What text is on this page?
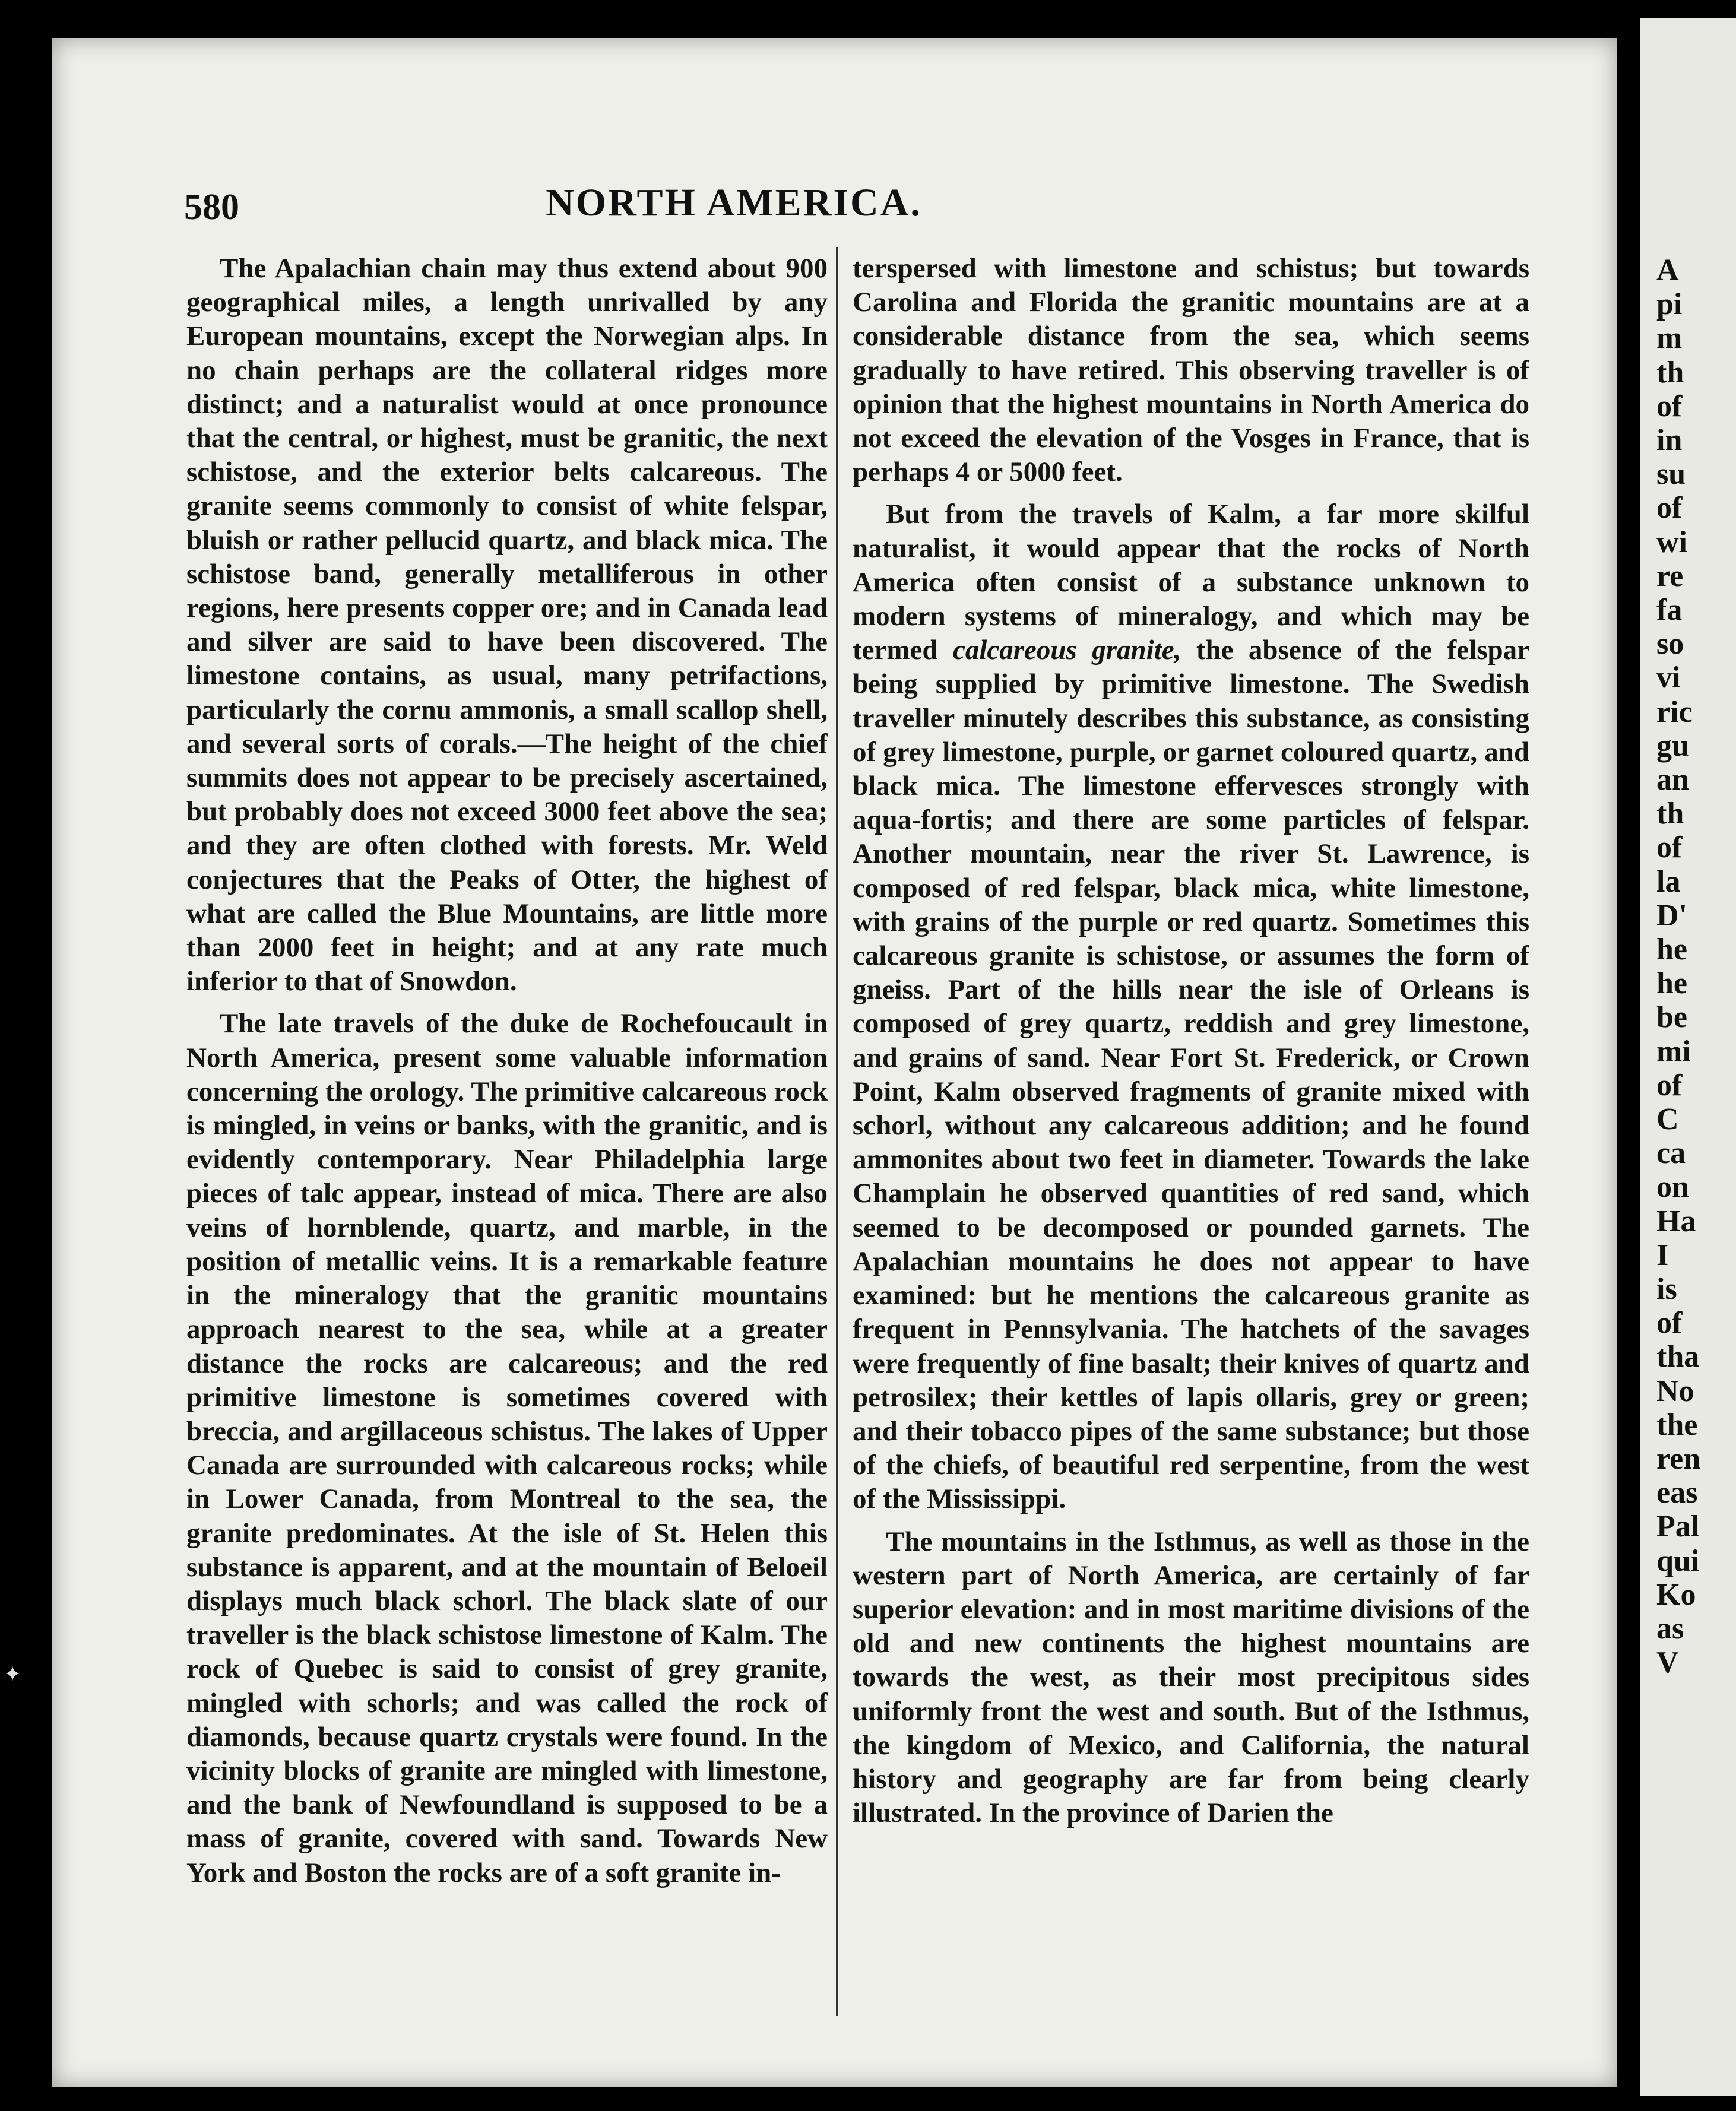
580	NORTH AMERICA.

The Apalachian chain may thus extend about 900 geographical miles, a length unrivalled by any European mountains, except the Norwegian alps. In no chain perhaps are the collateral ridges more distinct; and a naturalist would at once pronounce that the central, or highest, must be granitic, the next schistose, and the exterior belts calcareous. The granite seems commonly to consist of white felspar, bluish or rather pellucid quartz, and black mica. The schistose band, generally metalliferous in other regions, here presents copper ore; and in Canada lead and silver are said to have been discovered. The limestone contains, as usual, many petrifactions, particularly the cornu ammonis, a small scallop shell, and several sorts of corals.—The height of the chief summits does not appear to be precisely ascertained, but probably does not exceed 3000 feet above the sea; and they are often clothed with forests. Mr. Weld conjectures that the Peaks of Otter, the highest of what are called the Blue Mountains, are little more than 2000 feet in height; and at any rate much inferior to that of Snowdon.

The late travels of the duke de Rochefoucault in North America, present some valuable information concerning the orology. The primitive calcareous rock is mingled, in veins or banks, with the granitic, and is evidently contemporary. Near Philadelphia large pieces of talc appear, instead of mica. There are also veins of hornblende, quartz, and marble, in the position of metallic veins. It is a remarkable feature in the mineralogy that the granitic mountains approach nearest to the sea, while at a greater distance the rocks are calcareous; and the red primitive limestone is sometimes covered with breccia, and argillaceous schistus. The lakes of Upper Canada are surrounded with calcareous rocks; while in Lower Canada, from Montreal to the sea, the granite predominates. At the isle of St. Helen this substance is apparent, and at the mountain of Beloeil displays much black schorl. The black slate of our traveller is the black schistose limestone of Kalm. The rock of Quebec is said to consist of grey granite, mingled with schorls; and was called the rock of diamonds, because quartz crystals were found. In the vicinity blocks of granite are mingled with limestone, and the bank of Newfoundland is supposed to be a mass of granite, covered with sand. Towards New York and Boston the rocks are of a soft granite in-

terspersed with limestone and schistus; but towards Carolina and Florida the granitic mountains are at a considerable distance from the sea, which seems gradually to have retired. This observing traveller is of opinion that the highest mountains in North America do not exceed the elevation of the Vosges in France, that is perhaps 4 or 5000 feet.

But from the travels of Kalm, a far more skilful naturalist, it would appear that the rocks of North America often consist of a substance unknown to modern systems of mineralogy, and which may be termed calcareous granite, the absence of the felspar being supplied by primitive limestone. The Swedish traveller minutely describes this substance, as consisting of grey limestone, purple, or garnet coloured quartz, and black mica. The limestone effervesces strongly with aqua-fortis; and there are some particles of felspar. Another mountain, near the river St. Lawrence, is composed of red felspar, black mica, white limestone, with grains of the purple or red quartz. Sometimes this calcareous granite is schistose, or assumes the form of gneiss. Part of the hills near the isle of Orleans is composed of grey quartz, reddish and grey limestone, and grains of sand. Near Fort St. Frederick, or Crown Point, Kalm observed fragments of granite mixed with schorl, without any calcareous addition; and he found ammonites about two feet in diameter. Towards the lake Champlain he observed quantities of red sand, which seemed to be decomposed or pounded garnets. The Apalachian mountains he does not appear to have examined: but he mentions the calcareous granite as frequent in Pennsylvania. The hatchets of the savages were frequently of fine basalt; their knives of quartz and petrosilex; their kettles of lapis ollaris, grey or green; and their tobacco pipes of the same substance; but those of the chiefs, of beautiful red serpentine, from the west of the Mississippi.

The mountains in the Isthmus, as well as those in the western part of North America, are certainly of far superior elevation: and in most maritime divisions of the old and new continents the highest mountains are towards the west, as their most precipitous sides uniformly front the west and south. But of the Isthmus, the kingdom of Mexico, and California, the natural history and geography are far from being clearly illustrated. In the province of Darien the

A
pi
m
th
of
in
su
of
wi
re
fa
so
vi
ric
gu
an
th
of
la
D'
he
he
be
mi
of
C
ca
on
Ha
I
is
of
tha
No
the
ren
eas
Pal
qui
Ko
as
V
✦
